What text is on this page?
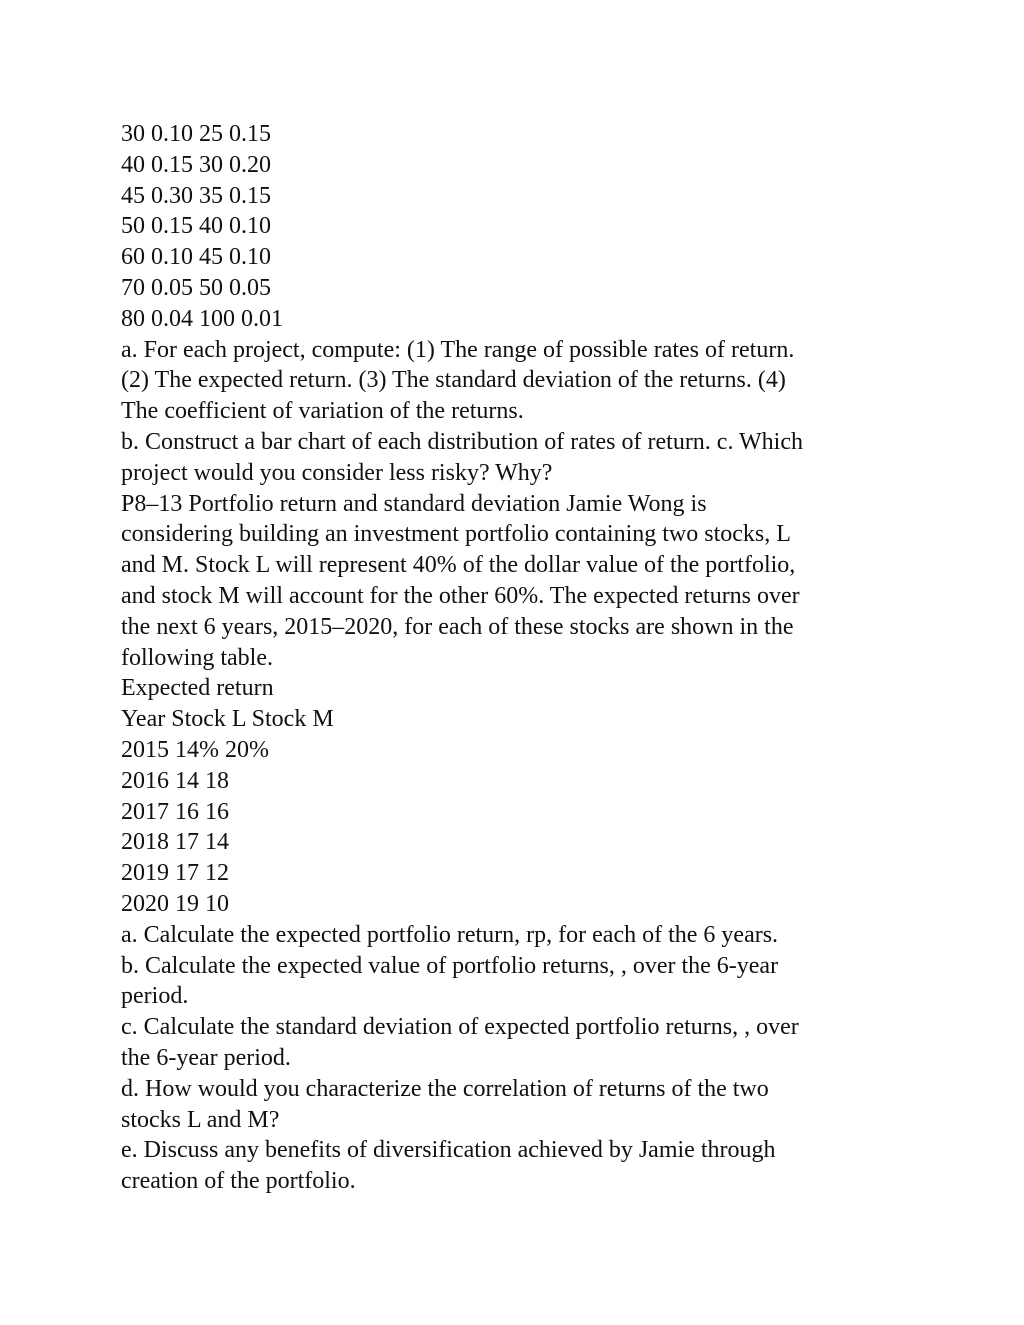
30 0.10 25 0.15
40 0.15 30 0.20
45 0.30 35 0.15
50 0.15 40 0.10
60 0.10 45 0.10
70 0.05 50 0.05
80 0.04 100 0.01
a. For each project, compute: (1) The range of possible rates of return.
(2) The expected return. (3) The standard deviation of the returns. (4)
The coefficient of variation of the returns.
b. Construct a bar chart of each distribution of rates of return. c. Which
project would you consider less risky? Why?
P8–13 Portfolio return and standard deviation Jamie Wong is
considering building an investment portfolio containing two stocks, L
and M. Stock L will represent 40% of the dollar value of the portfolio,
and stock M will account for the other 60%. The expected returns over
the next 6 years, 2015–2020, for each of these stocks are shown in the
following table.
Expected return
Year Stock L Stock M
2015 14% 20%
2016 14 18
2017 16 16
2018 17 14
2019 17 12
2020 19 10
a. Calculate the expected portfolio return, rp, for each of the 6 years.
b. Calculate the expected value of portfolio returns, , over the 6-year
period.
c. Calculate the standard deviation of expected portfolio returns, , over
the 6-year period.
d. How would you characterize the correlation of returns of the two
stocks L and M?
e. Discuss any benefits of diversification achieved by Jamie through
creation of the portfolio.
